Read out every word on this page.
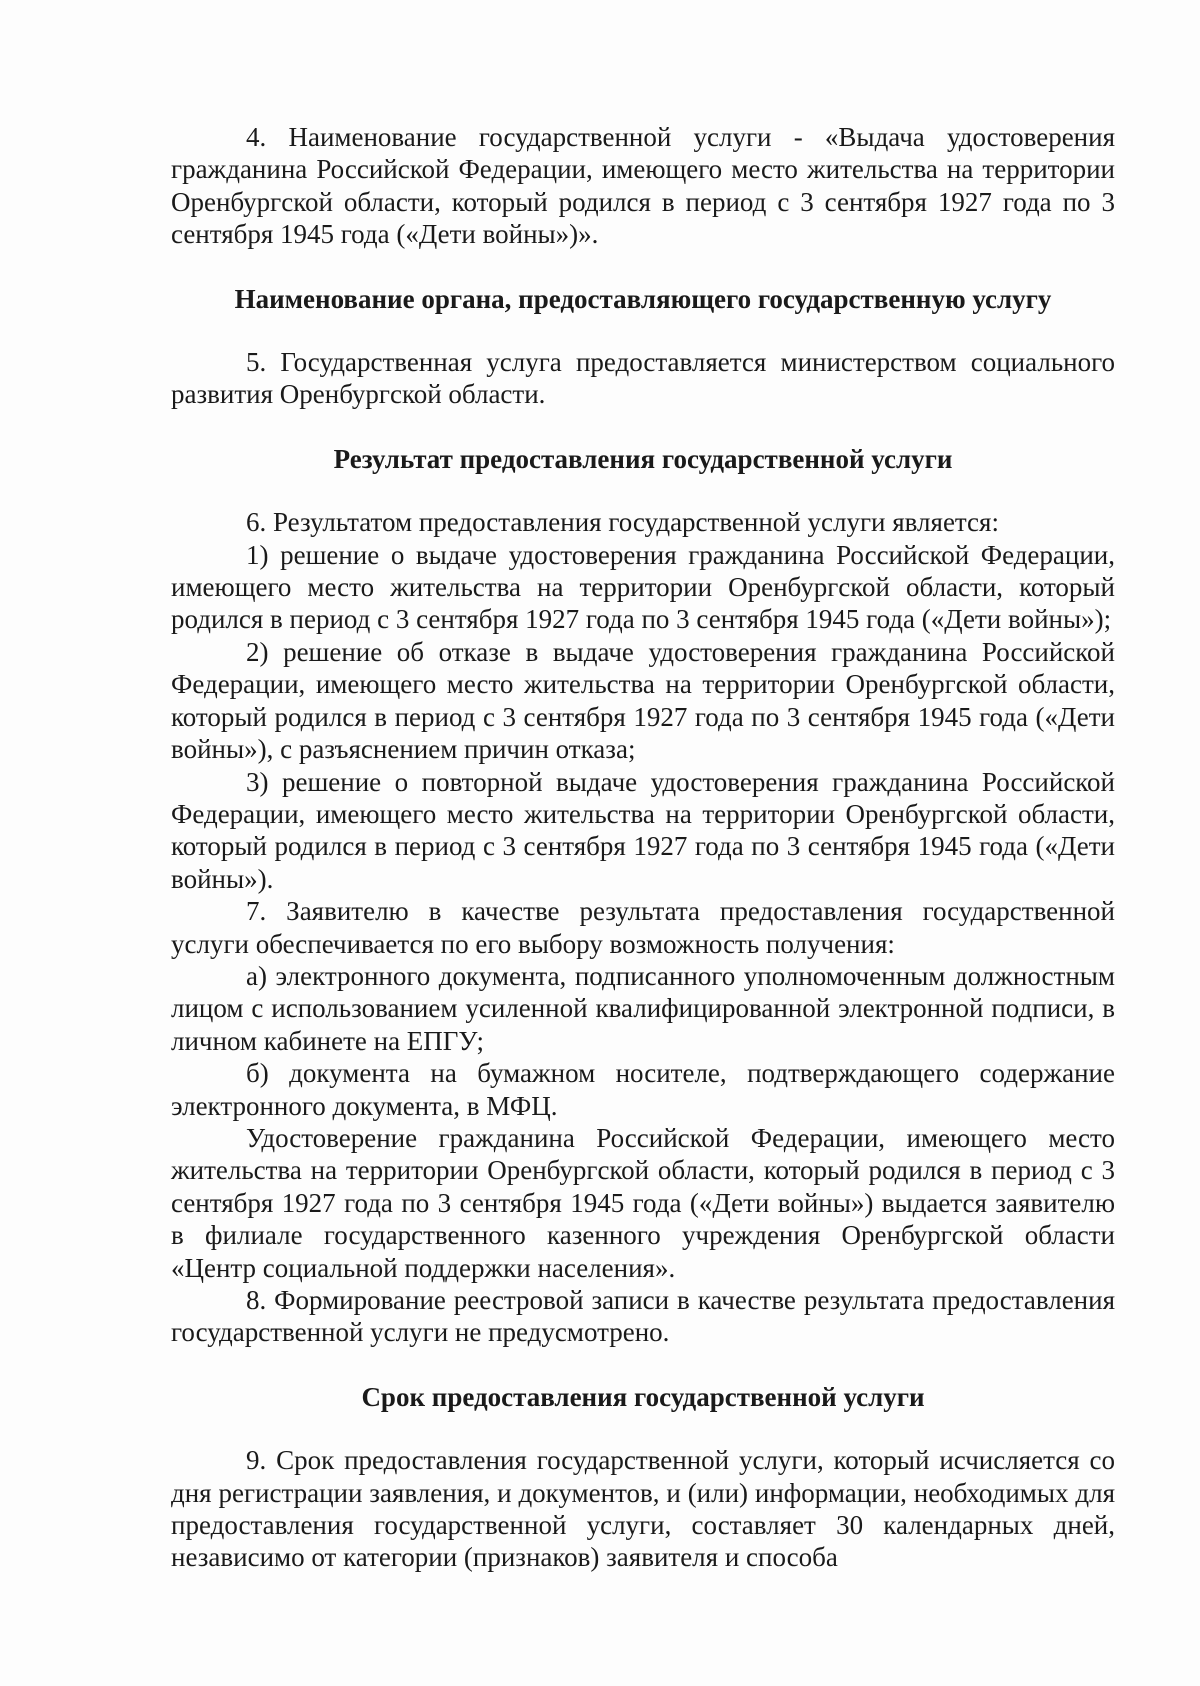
4. Наименование государственной услуги - «Выдача удостоверения гражданина Российской Федерации, имеющего место жительства на территории Оренбургской области, который родился в период с 3 сентября 1927 года по 3 сентября 1945 года («Дети войны»)».

Наименование органа, предоставляющего государственную услугу

5. Государственная услуга предоставляется министерством социального развития Оренбургской области.

Результат предоставления государственной услуги

6. Результатом предоставления государственной услуги является:

1) решение о выдаче удостоверения гражданина Российской Федерации, имеющего место жительства на территории Оренбургской области, который родился в период с 3 сентября 1927 года по 3 сентября 1945 года («Дети войны»);

2) решение об отказе в выдаче удостоверения гражданина Российской Федерации, имеющего место жительства на территории Оренбургской области, который родился в период с 3 сентября 1927 года по 3 сентября 1945 года («Дети войны»), с разъяснением причин отказа;

3) решение о повторной выдаче удостоверения гражданина Российской Федерации, имеющего место жительства на территории Оренбургской области, который родился в период с 3 сентября 1927 года по 3 сентября 1945 года («Дети войны»).

7. Заявителю в качестве результата предоставления государственной услуги обеспечивается по его выбору возможность получения:

а) электронного документа, подписанного уполномоченным должностным лицом с использованием усиленной квалифицированной электронной подписи, в личном кабинете на ЕПГУ;

б) документа на бумажном носителе, подтверждающего содержание электронного документа, в МФЦ.

Удостоверение гражданина Российской Федерации, имеющего место жительства на территории Оренбургской области, который родился в период с 3 сентября 1927 года по 3 сентября 1945 года («Дети войны») выдается заявителю в филиале государственного казенного учреждения Оренбургской области «Центр социальной поддержки населения».

8. Формирование реестровой записи в качестве результата предоставления государственной услуги не предусмотрено.

Срок предоставления государственной услуги

9. Срок предоставления государственной услуги, который исчисляется со дня регистрации заявления, и документов, и (или) информации, необходимых для предоставления государственной услуги, составляет 30 календарных дней, независимо от категории (признаков) заявителя и способа
